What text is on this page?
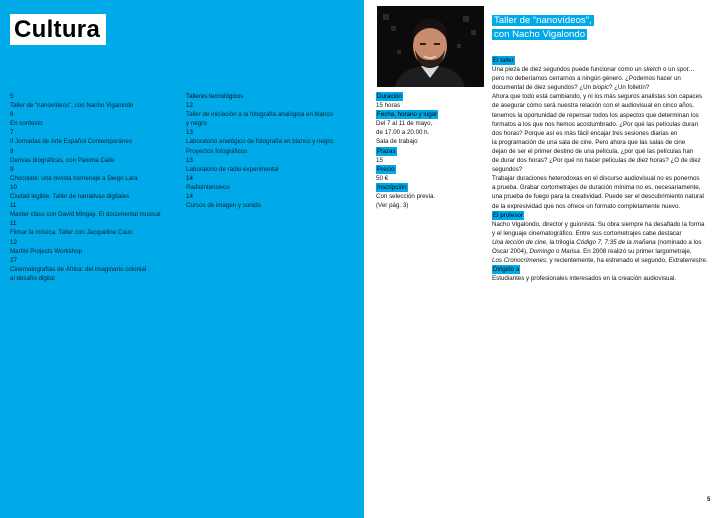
Cultura
5
Taller de “nanovídeos”, con Nacho Vigalondo
6
En contexto
7
II Jornadas de Arte Español Contemporáneo
9
Derivas biográficas, con Paloma Calle
9
Chocolate: una revista homenaje a Diego Lara
10
Ciudad legible. Taller de narrativas digitales
11
Master class con David Mingay. El documental musical
11
Filmar la música. Taller con Jacqueline Caux
12
Martini Projects Workshop
27
Cinematografías de África: del imaginario colonial
al desafío digital
Talleres tecnológicos
12
Taller de iniciación a la fotografía analógica en blanco
y negro
13
Laboratorio analógico de fotografía en blanco y negro.
Proyectos fotográficos
13
Laboratorio de radio experimental
14
Radiointensivos
14
Cursos de imagen y sonido
Taller de “nanovídeos”,
con Nacho Vigalondo
Duración
15 horas
Fecha, horario y lugar
Del 7 al 11 de mayo,
de 17.00 a 20.00 h.
Sala de trabajo
Plazas
15
Precio
50 €
Inscripción
Con selección previa.
(Ver pág. 3)
El taller
Una pieza de diez segundos puede funcionar como un sketch o un spot…
pero no deberíamos cerrarnos a ningún género. ¿Podemos hacer un
documental de diez segundos? ¿Un biopic? ¿Un folletín?
Ahora que todo está cambiando, y ni los más seguros analistas son capaces
de asegurar cómo será nuestra relación con el audiovisual en cinco años,
tenemos la oportunidad de repensar todos los aspectos que determinan los
formatos a los que nos hemos acostumbrado. ¿Por qué las películas duran
dos horas? Porque así es más fácil encajar tres sesiones diarias en
la programación de una sala de cine. Pero ahora que las salas de cine
dejan de ser el primer destino de una película, ¿por qué las películas han
de durar dos horas? ¿Por qué no hacer películas de diez horas? ¿O de diez
segundos?
Trabajar duraciones heterodoxas en el discurso audiovisual no es ponernos
a prueba. Grabar cortometrajes de duración mínima no es, necesariamente,
una prueba de fuego para la creatividad. Puede ser el descubrimiento natural
de la expresividad que nos ofrece un formato completamente nuevo.
El profesor
Nacho Vigalondo, director y guionista. Su obra siempre ha desafiado la forma
y el lenguaje cinematográfico. Entre sus cortometrajes cabe destacar
Una lección de cine, la trilogía Código 7, 7:35 de la mañana (nominado a los
Oscar 2004), Domingo o Marisa. En 2008 realizó su primer largometraje,
Los Cronocrímenes; y recientemente, ha estrenado el segundo, Extraterrestre.
Dirigido a
Estudiantes y profesionales interesados en la creación audiovisual.
5
